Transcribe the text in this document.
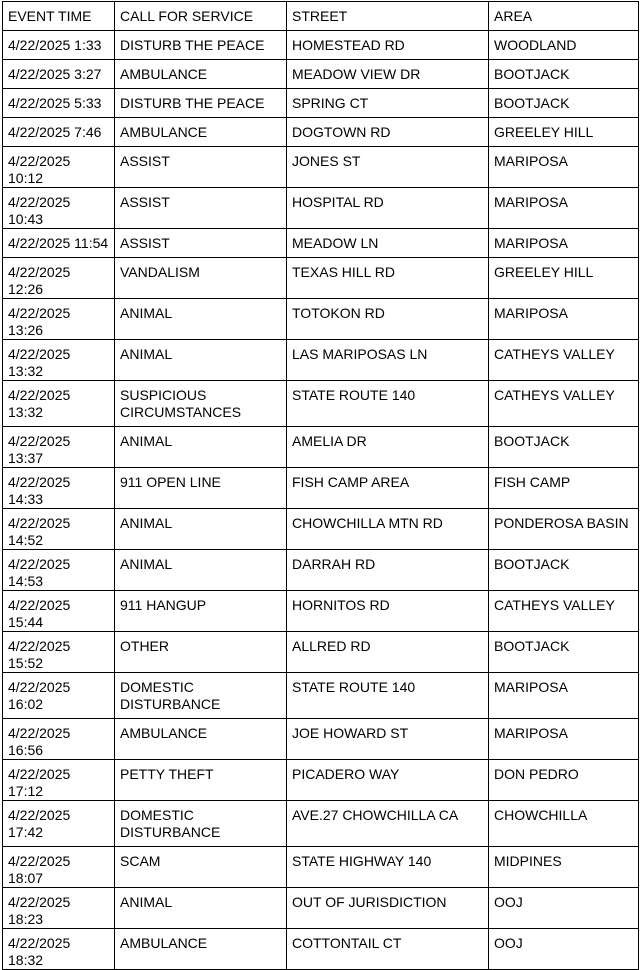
EVENT TIME	CALL FOR SERVICE	STREET	AREA
4/22/2025 1:33	DISTURB THE PEACE	HOMESTEAD RD	WOODLAND
4/22/2025 3:27	AMBULANCE	MEADOW VIEW DR	BOOTJACK
4/22/2025 5:33	DISTURB THE PEACE	SPRING CT	BOOTJACK
4/22/2025 7:46	AMBULANCE	DOGTOWN RD	GREELEY HILL
4/22/2025 10:12	ASSIST	JONES ST	MARIPOSA
4/22/2025 10:43	ASSIST	HOSPITAL RD	MARIPOSA
4/22/2025 11:54	ASSIST	MEADOW LN	MARIPOSA
4/22/2025 12:26	VANDALISM	TEXAS HILL RD	GREELEY HILL
4/22/2025 13:26	ANIMAL	TOTOKON RD	MARIPOSA
4/22/2025 13:32	ANIMAL	LAS MARIPOSAS LN	CATHEYS VALLEY
4/22/2025 13:32	SUSPICIOUS CIRCUMSTANCES	STATE ROUTE 140	CATHEYS VALLEY
4/22/2025 13:37	ANIMAL	AMELIA DR	BOOTJACK
4/22/2025 14:33	911 OPEN LINE	FISH CAMP AREA	FISH CAMP
4/22/2025 14:52	ANIMAL	CHOWCHILLA MTN RD	PONDEROSA BASIN
4/22/2025 14:53	ANIMAL	DARRAH RD	BOOTJACK
4/22/2025 15:44	911 HANGUP	HORNITOS RD	CATHEYS VALLEY
4/22/2025 15:52	OTHER	ALLRED RD	BOOTJACK
4/22/2025 16:02	DOMESTIC DISTURBANCE	STATE ROUTE 140	MARIPOSA
4/22/2025 16:56	AMBULANCE	JOE HOWARD ST	MARIPOSA
4/22/2025 17:12	PETTY THEFT	PICADERO WAY	DON PEDRO
4/22/2025 17:42	DOMESTIC DISTURBANCE	AVE.27 CHOWCHILLA CA	CHOWCHILLA
4/22/2025 18:07	SCAM	STATE HIGHWAY 140	MIDPINES
4/22/2025 18:23	ANIMAL	OUT OF JURISDICTION	OOJ
4/22/2025 18:32	AMBULANCE	COTTONTAIL CT	OOJ
